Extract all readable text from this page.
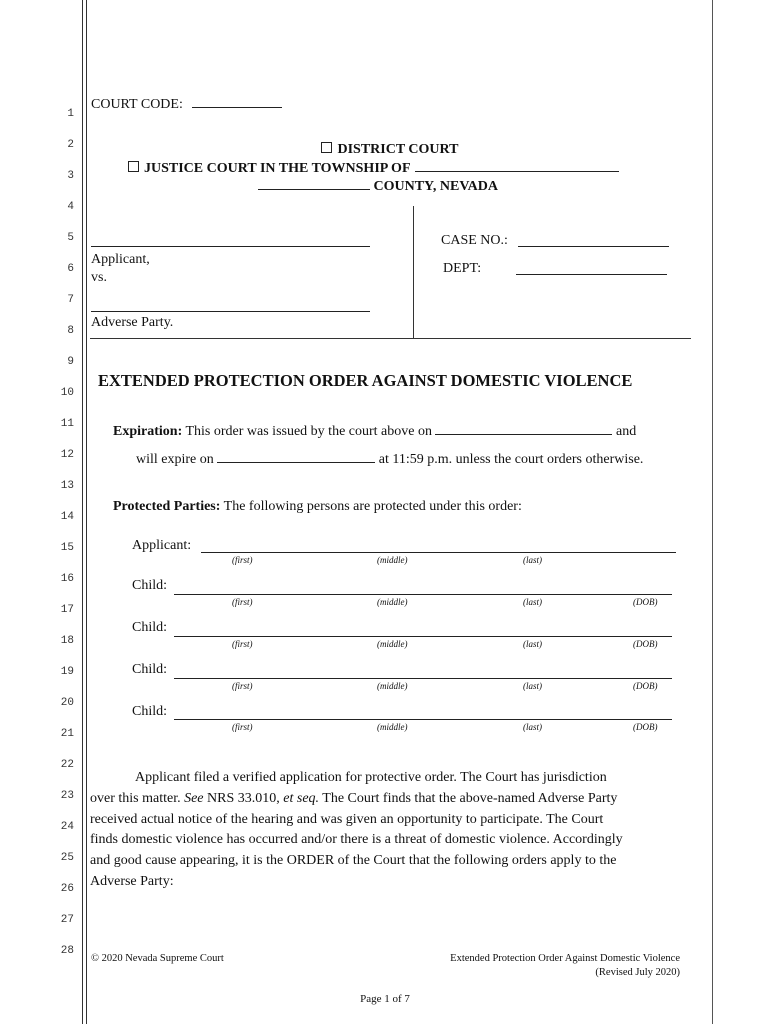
1
2
3
4
5
6
7
8
9
10
11
12
13
14
15
16
17
18
19
20
21
22
23
24
25
26
27
28
COURT CODE:
DISTRICT COURT
JUSTICE COURT IN THE TOWNSHIP OF
COUNTY, NEVADA
Applicant,
vs.
Adverse Party.
CASE NO.:
DEPT:
EXTENDED PROTECTION ORDER AGAINST DOMESTIC VIOLENCE
Expiration: This order was issued by the court above on	and
will expire on	at 11:59 p.m. unless the court orders otherwise.
Protected Parties: The following persons are protected under this order:
Applicant:
(first)	(middle)	(last)
Child:
(first)	(middle)	(last)	(DOB)
Child:
(first)	(middle)	(last)	(DOB)
Child:
(first)	(middle)	(last)	(DOB)
Child:
(first)	(middle)	(last)	(DOB)
Applicant filed a verified application for protective order. The Court has jurisdiction
over this matter. See NRS 33.010, et seq. The Court finds that the above-named Adverse Party
received actual notice of the hearing and was given an opportunity to participate. The Court
finds domestic violence has occurred and/or there is a threat of domestic violence. Accordingly
and good cause appearing, it is the ORDER of the Court that the following orders apply to the
Adverse Party:
© 2020 Nevada Supreme Court	Extended Protection Order Against Domestic Violence
(Revised July 2020)
Page 1 of 7
